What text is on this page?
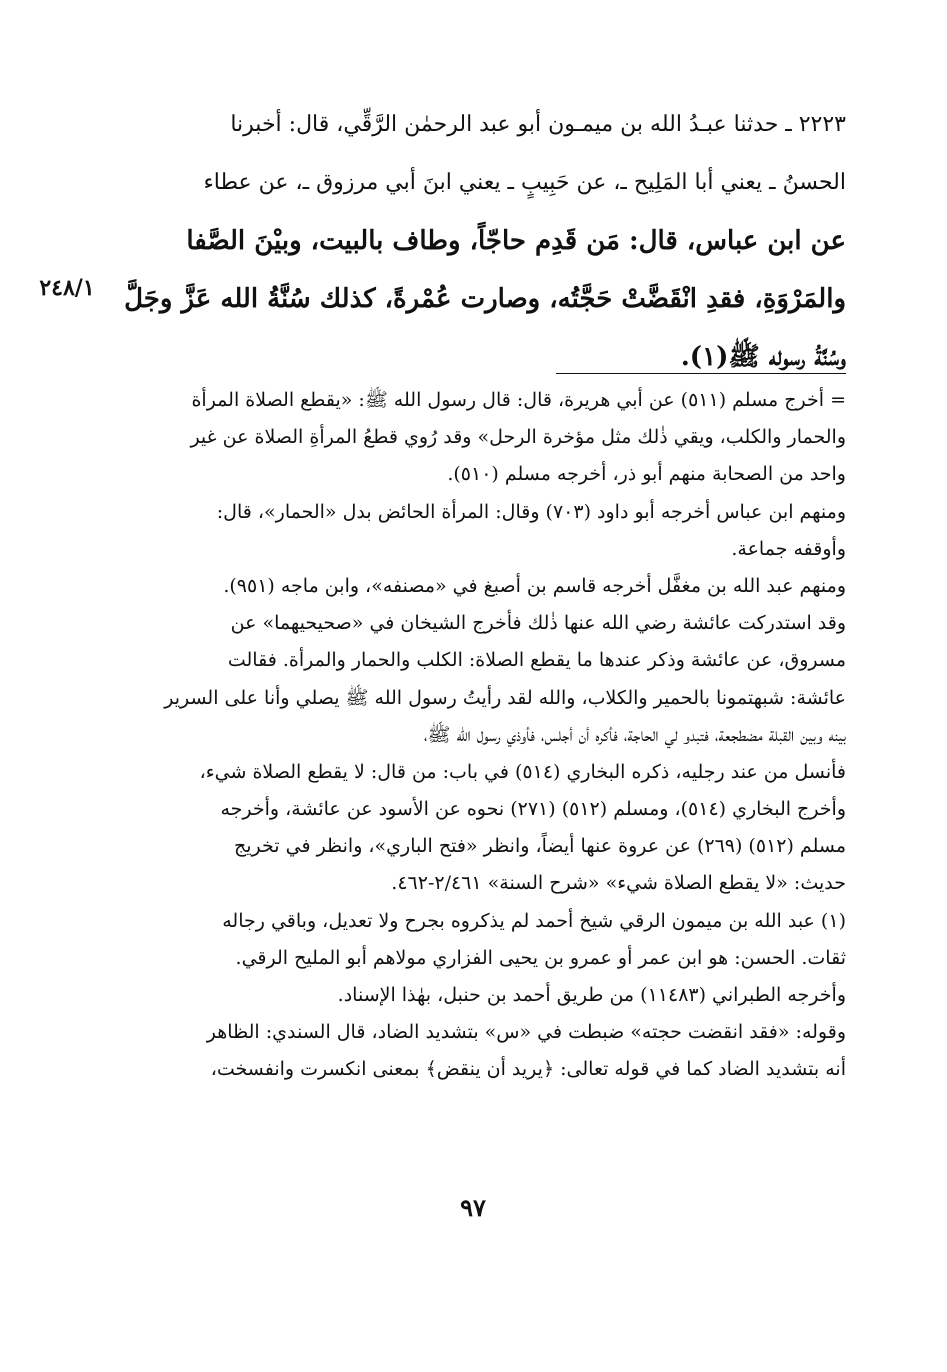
٢٢٢٣ ـ حدثنا عبـدُ الله بن ميمـون أبو عبد الرحمٰن الرَّقِّي، قال: أخبرنا
الحسنُ ـ يعني أبا المَلِيح ـ، عن حَبِيبٍ ـ يعني ابنَ أبي مرزوق ـ، عن عطاء
عن ابن عباس، قال: مَن قَدِم حاجّاً، وطاف بالبيت، وبيْنَ الصَّفا
والمَرْوَةِ، فقدِ انْقَضَّتْ حَجَّتُه، وصارت عُمْرةً، كذلك سُنَّةُ الله عَزَّ وجَلَّ
وسُنَّةُ رسوله ﷺ(١).
٢٤٨/١
= أخرج مسلم (٥١١) عن أبي هريرة، قال: قال رسول الله ﷺ: «يقطع الصلاة المرأة
والحمار والكلب، ويقي ذٰلك مثل مؤخرة الرحل» وقد رُوي قطعُ المرأةِ الصلاة عن غير
واحد من الصحابة منهم أبو ذر، أخرجه مسلم (٥١٠).
ومنهم ابن عباس أخرجه أبو داود (٧٠٣) وقال: المرأة الحائض بدل «الحمار»، قال:
وأوقفه جماعة.
ومنهم عبد الله بن مغفَّل أخرجه قاسم بن أصبغ في «مصنفه»، وابن ماجه (٩٥١).
وقد استدركت عائشة رضي الله عنها ذٰلك فأخرج الشيخان في «صحيحيهما» عن
مسروق، عن عائشة وذكر عندها ما يقطع الصلاة: الكلب والحمار والمرأة. فقالت
عائشة: شبهتمونا بالحمير والكلاب، والله لقد رأيتُ رسول الله ﷺ يصلي وأنا على السرير
بينه وبين القبلة مضطجعة، فتبدو لي الحاجة، فأكره أن أجلس، فأوذي رسول الله ﷺ،
فأنسل من عند رجليه، ذكره البخاري (٥١٤) في باب: من قال: لا يقطع الصلاة شيء،
وأخرج البخاري (٥١٤)، ومسلم (٥١٢) (٢٧١) نحوه عن الأسود عن عائشة، وأخرجه
مسلم (٥١٢) (٢٦٩) عن عروة عنها أيضاً، وانظر «فتح الباري»، وانظر في تخريج
حديث: «لا يقطع الصلاة شيء» «شرح السنة» ٢/٤٦١-٤٦٢.
(١) عبد الله بن ميمون الرقي شيخ أحمد لم يذكروه بجرح ولا تعديل، وباقي رجاله
ثقات. الحسن: هو ابن عمر أو عمرو بن يحيى الفزاري مولاهم أبو المليح الرقي.
وأخرجه الطبراني (١١٤٨٣) من طريق أحمد بن حنبل، بهٰذا الإسناد.
وقوله: «فقد انقضت حجته» ضبطت في «س» بتشديد الضاد، قال السندي: الظاهر
أنه بتشديد الضاد كما في قوله تعالى: ﴿يريد أن ينقض﴾ بمعنى انكسرت وانفسخت،
٩٧
